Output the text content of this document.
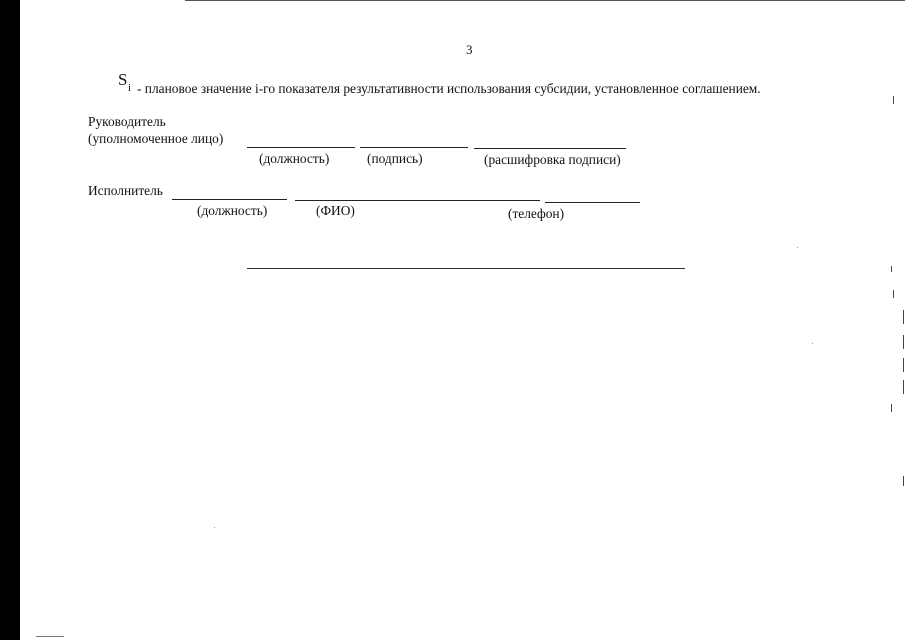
3
S i - плановое значение i-го показателя результативности использования субсидии, установленное соглашением.
Руководитель
(уполномоченное лицо)
(должность)	(подпись)	(расшифровка подписи)
Исполнитель
(должность)	(ФИО)	(телефон)
